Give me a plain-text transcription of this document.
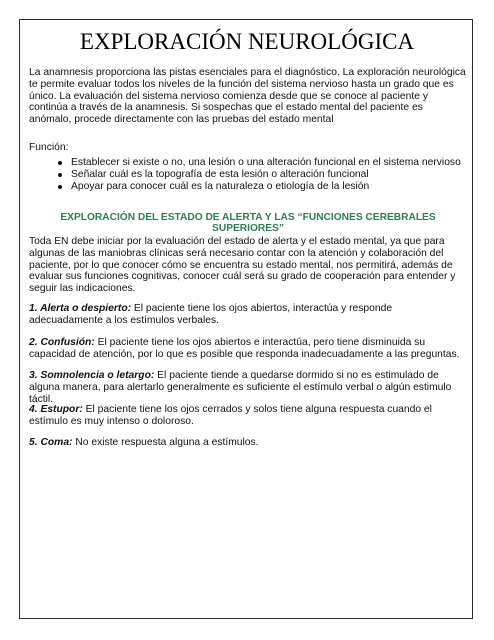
EXPLORACIÓN NEUROLÓGICA

La anamnesis proporciona las pistas esenciales para el diagnóstico. La exploración neurológica te permite evaluar todos los niveles de la función del sistema nervioso hasta un grado que es único. La evaluación del sistema nervioso comienza desde que se conoce al paciente y continúa a través de la anamnesis. Si sospechas que el estado mental del paciente es anómalo, procede directamente con las pruebas del estado mental

Función:

Establecer si existe o no, una lesión o una alteración funcional en el sistema nervioso
Señalar cuál es la topografía de esta lesión o alteración funcional
Apoyar para conocer cuál es la naturaleza o etiología de la lesión

EXPLORACIÓN DEL ESTADO DE ALERTA Y LAS “FUNCIONES CEREBRALES SUPERIORES”

Toda EN debe iniciar por la evaluación del estado de alerta y el estado mental, ya que para algunas de las maniobras clínicas será necesario contar con la atención y colaboración del paciente, por lo que conocer cómo se encuentra su estado mental, nos permitirá, además de evaluar sus funciones cognitivas, conocer cuál será su grado de cooperación para entender y seguir las indicaciones.

1. Alerta o despierto: El paciente tiene los ojos abiertos, interactúa y responde adecuadamente a los estímulos verbales.

2. Confusión: El paciente tiene los ojos abiertos e interactúa, pero tiene disminuida su capacidad de atención, por lo que es posible que responda inadecuadamente a las preguntas.

3. Somnolencia o letargo: El paciente tiende a quedarse dormido si no es estimulado de alguna manera, para alertarlo generalmente es suficiente el estímulo verbal o algún estimulo táctil.

4. Estupor: El paciente tiene los ojos cerrados y solos tiene alguna respuesta cuando el estímulo es muy intenso o doloroso.

5. Coma: No existe respuesta alguna a estímulos.
